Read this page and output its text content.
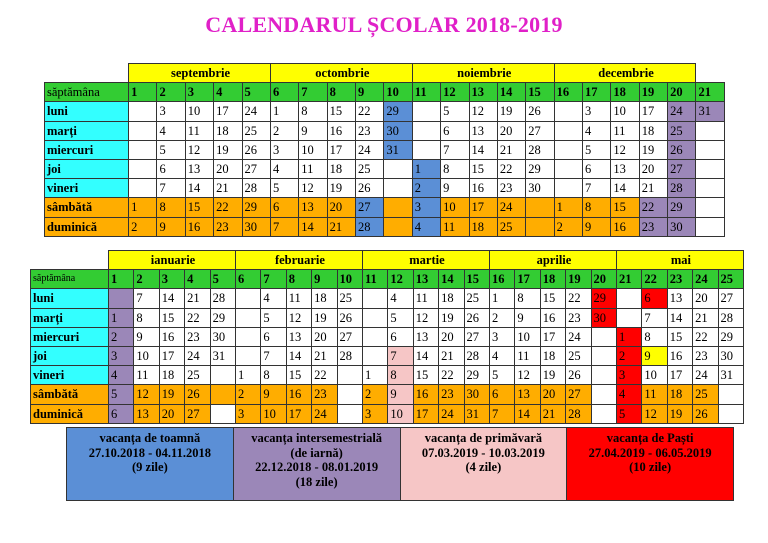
CALENDARUL ȘCOLAR 2018-2019
	septembrie					octombrie					noiembrie					decembrie					
săptămâna	1	2	3	4	5	6	7	8	9	10	11	12	13	14	15	16	17	18	19	20	21
luni		3	10	17	24	1	8	15	22	29		5	12	19	26		3	10	17	24	31
marți		4	11	18	25	2	9	16	23	30		6	13	20	27		4	11	18	25	
miercuri		5	12	19	26	3	10	17	24	31		7	14	21	28		5	12	19	26	
joi		6	13	20	27	4	11	18	25		1	8	15	22	29		6	13	20	27	
vineri		7	14	21	28	5	12	19	26		2	9	16	23	30		7	14	21	28	
sâmbătă	1	8	15	22	29	6	13	20	27		3	10	17	24		1	8	15	22	29	
duminică	2	9	16	23	30	7	14	21	28		4	11	18	25		2	9	16	23	30	
	ianuarie					februarie					martie					aprilie					mai				
săptămâna	1	2	3	4	5	6	7	8	9	10	11	12	13	14	15	16	17	18	19	20	21	22	23	24	25
luni		7	14	21	28		4	11	18	25		4	11	18	25	1	8	15	22	29		6	13	20	27
marți	1	8	15	22	29		5	12	19	26		5	12	19	26	2	9	16	23	30		7	14	21	28
miercuri	2	9	16	23	30		6	13	20	27		6	13	20	27	3	10	17	24		1	8	15	22	29
joi	3	10	17	24	31		7	14	21	28		7	14	21	28	4	11	18	25		2	9	16	23	30
vineri	4	11	18	25		1	8	15	22		1	8	15	22	29	5	12	19	26		3	10	17	24	31
sâmbătă	5	12	19	26		2	9	16	23		2	9	16	23	30	6	13	20	27		4	11	18	25	
duminică	6	13	20	27		3	10	17	24		3	10	17	24	31	7	14	21	28		5	12	19	26	
vacanța de toamnă
27.10.2018 - 04.11.2018
(9 zile)
vacanța intersemestrială
(de iarnă)
22.12.2018 - 08.01.2019
(18 zile)
vacanța de primăvară
07.03.2019 - 10.03.2019
(4 zile)
vacanța de Paști
27.04.2019 - 06.05.2019
(10 zile)
